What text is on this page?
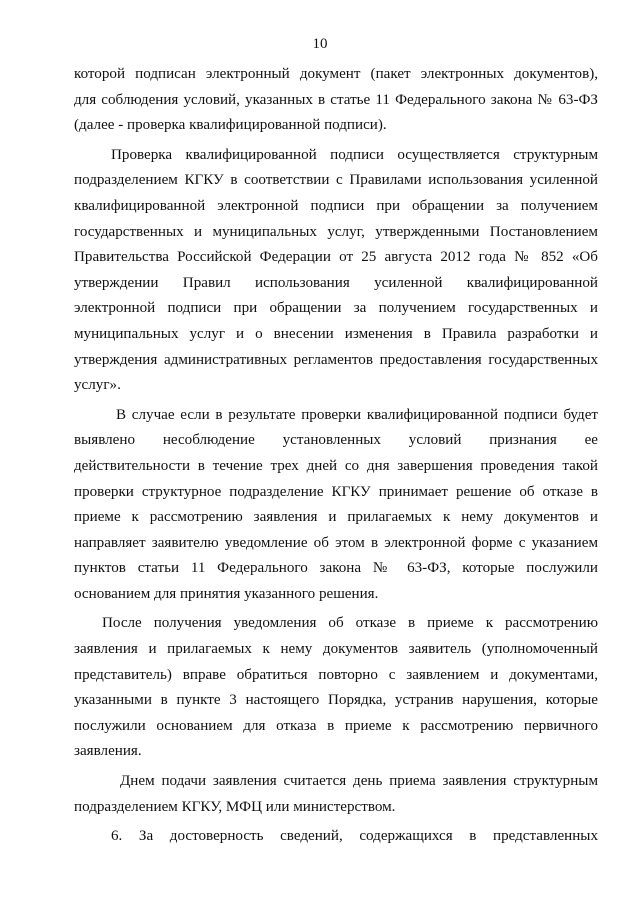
10
которой подписан электронный документ (пакет электронных документов),
для соблюдения условий, указанных в статье 11 Федерального закона № 63-ФЗ
(далее - проверка квалифицированной подписи).
Проверка квалифицированной подписи осуществляется структурным
подразделением КГКУ в соответствии с Правилами использования усиленной
квалифицированной электронной подписи при обращении за получением
государственных и муниципальных услуг, утвержденными Постановлением
Правительства Российской Федерации от 25 августа 2012 года № 852 «Об
утверждении Правил использования усиленной квалифицированной
электронной подписи при обращении за получением государственных и
муниципальных услуг и о внесении изменения в Правила разработки и
утверждения административных регламентов предоставления государственных
услуг».
В случае если в результате проверки квалифицированной подписи будет
выявлено несоблюдение установленных условий признания ее
действительности в течение трех дней со дня завершения проведения такой
проверки структурное подразделение КГКУ принимает решение об отказе в
приеме к рассмотрению заявления и прилагаемых к нему документов и
направляет заявителю уведомление об этом в электронной форме с указанием
пунктов статьи 11 Федерального закона № 63-ФЗ, которые послужили
основанием для принятия указанного решения.
После получения уведомления об отказе в приеме к рассмотрению
заявления и прилагаемых к нему документов заявитель (уполномоченный
представитель) вправе обратиться повторно с заявлением и документами,
указанными в пункте 3 настоящего Порядка, устранив нарушения, которые
послужили основанием для отказа в приеме к рассмотрению первичного
заявления.
Днем подачи заявления считается день приема заявления структурным
подразделением КГКУ, МФЦ или министерством.
6. За достоверность сведений, содержащихся в представленных
